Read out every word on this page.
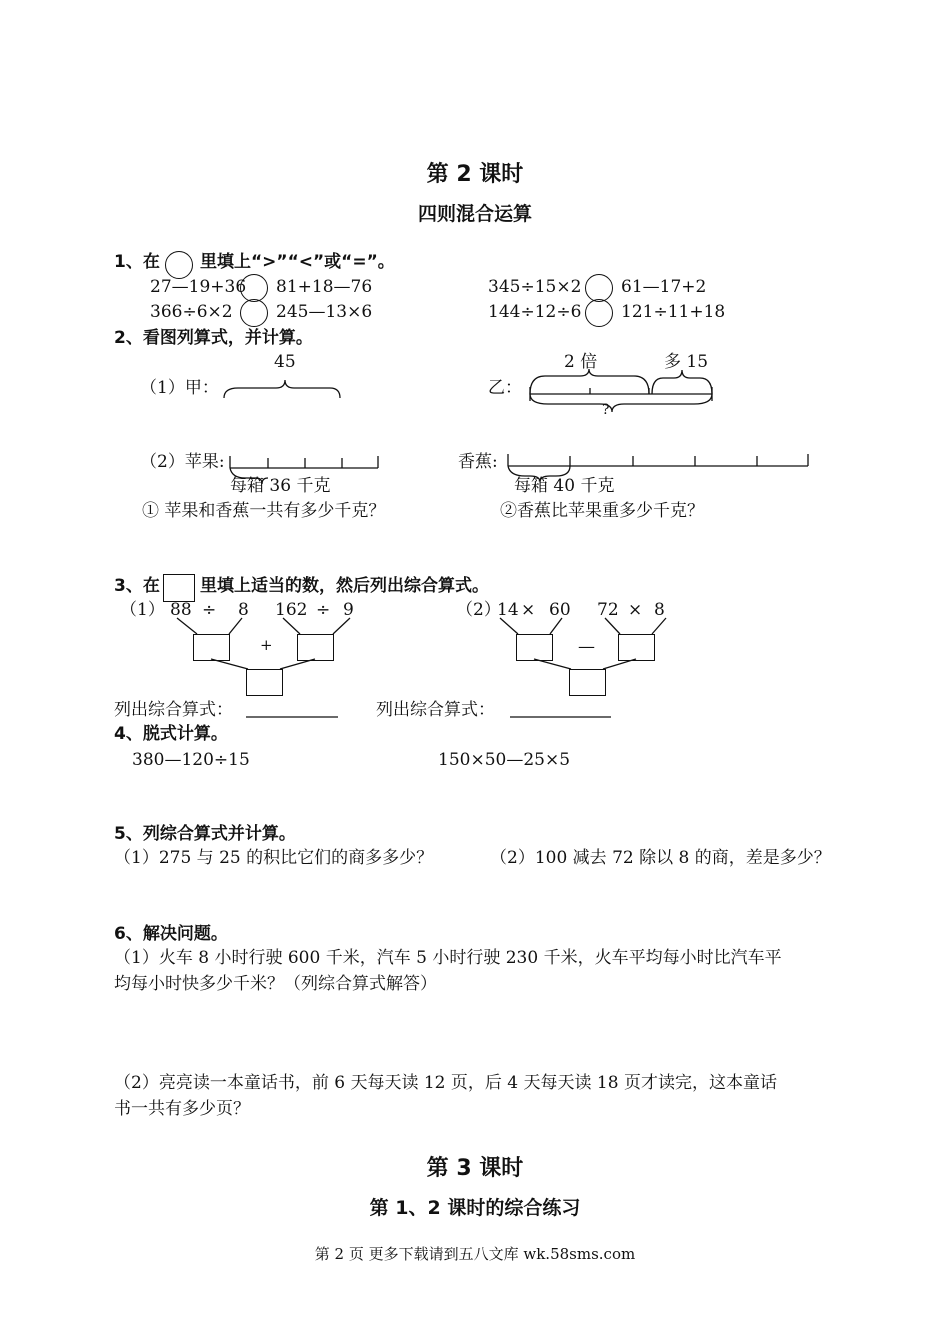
第 2 课时
四则混合运算
1、在 里填上“>”“<”或“=”。
27—19+36 81+18—76	345÷15×2 61—17+2
366÷6×2	245—13×6	144÷12÷6 121÷11+18
2、看图列算式，并计算。
（1）甲：
45
乙：
2 倍	多 15
?
（2）苹果:
每箱 36 千克
香蕉:
每箱 40 千克
① 苹果和香蕉一共有多少千克？	②香蕉比苹果重多少千克？
3、在 里填上适当的数，然后列出综合算式。
（1） 88 ÷ 8 162 ÷ 9
+
（2）
14 × 60 72 × 8
—
列出综合算式：	列出综合算式：
4、脱式计算。
380—120÷15	150×50—25×5
5、列综合算式并计算。
（1）275 与 25 的积比它们的商多多少？	（2）100 减去 72 除以 8 的商，差是多少？
6、解决问题。
（1）火车 8 小时行驶 600 千米，汽车 5 小时行驶 230 千米，火车平均每小时比汽车平
均每小时快多少千米？（列综合算式解答）
（2）亮亮读一本童话书，前 6 天每天读 12 页，后 4 天每天读 18 页才读完，这本童话
书一共有多少页？
第 3 课时
第 1、2 课时的综合练习
第 2 页 更多下载请到五八文库 wk.58sms.com
